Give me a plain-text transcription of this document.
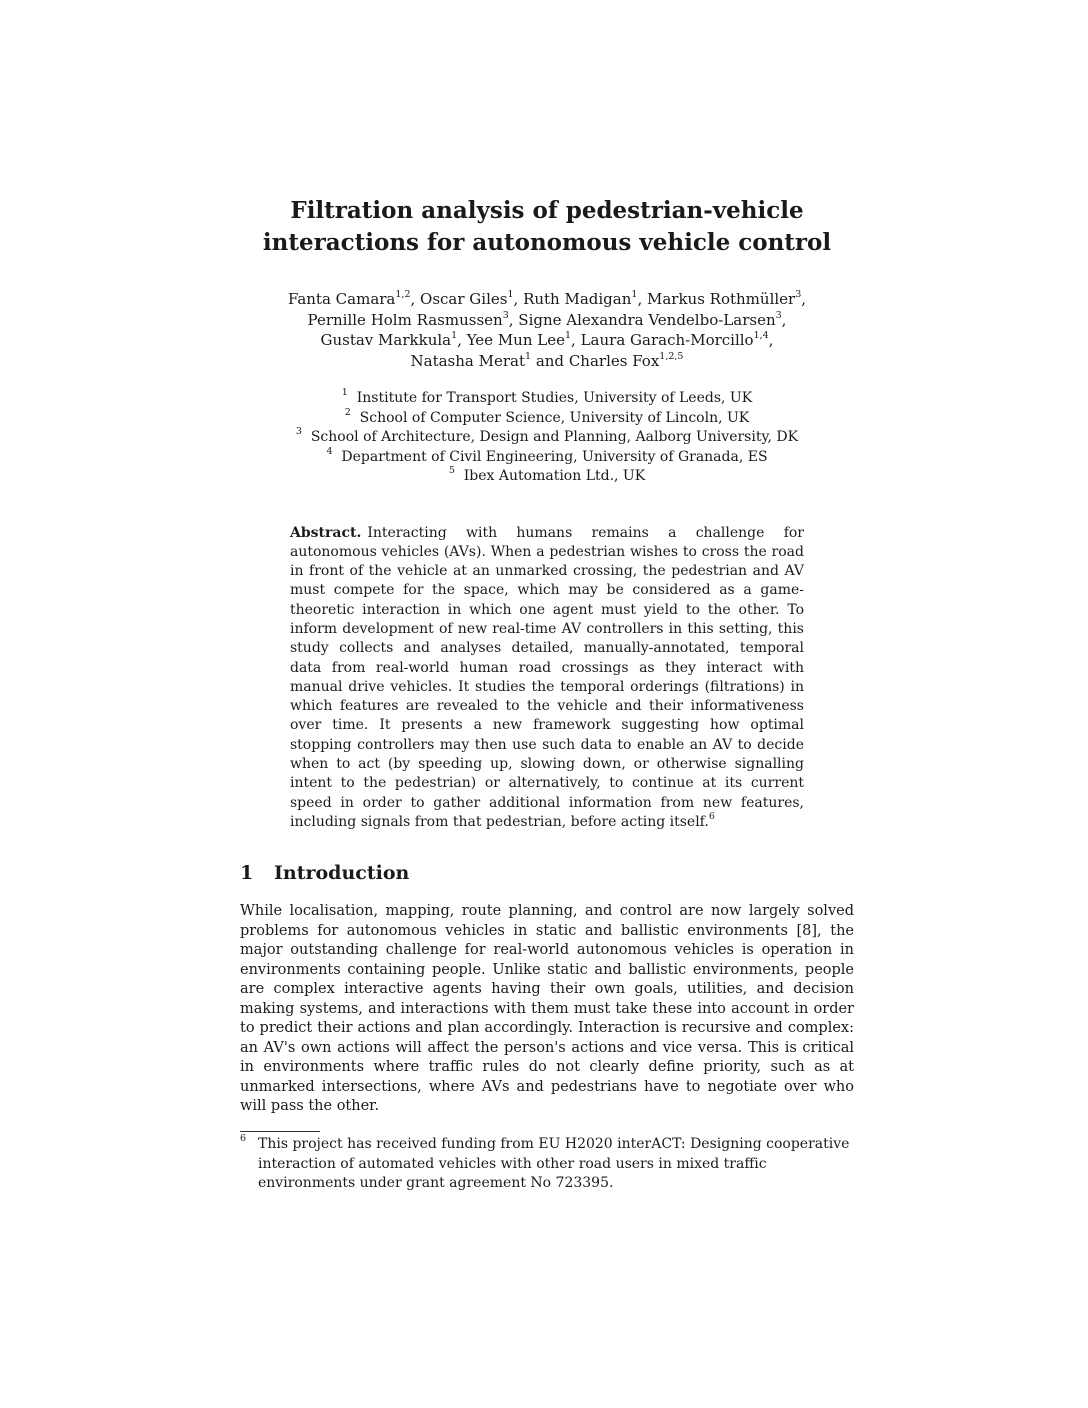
Filtration analysis of pedestrian-vehicle
interactions for autonomous vehicle control
Fanta Camara$^{1,2}$, Oscar Giles$^1$, Ruth Madigan$^1$, Markus Rothmüller$^3$,
Pernille Holm Rasmussen$^3$, Signe Alexandra Vendelbo-Larsen$^3$,
Gustav Markkula$^1$, Yee Mun Lee$^1$, Laura Garach-Morcillo$^{1,4}$,
Natasha Merat$^1$ and Charles Fox$^{1,2,5}$
$^1$ Institute for Transport Studies, University of Leeds, UK
$^2$ School of Computer Science, University of Lincoln, UK
$^3$ School of Architecture, Design and Planning, Aalborg University, DK
$^4$ Department of Civil Engineering, University of Granada, ES
$^5$ Ibex Automation Ltd., UK
Abstract. Interacting with humans remains a challenge for autonomous vehicles (AVs). When a pedestrian wishes to cross the road in front of the vehicle at an unmarked crossing, the pedestrian and AV must compete for the space, which may be considered as a game-theoretic interaction in which one agent must yield to the other. To inform development of new real-time AV controllers in this setting, this study collects and analyses detailed, manually-annotated, temporal data from real-world human road crossings as they interact with manual drive vehicles. It studies the temporal orderings (filtrations) in which features are revealed to the vehicle and their informativeness over time. It presents a new framework suggesting how optimal stopping controllers may then use such data to enable an AV to decide when to act (by speeding up, slowing down, or otherwise signalling intent to the pedestrian) or alternatively, to continue at its current speed in order to gather additional information from new features, including signals from that pedestrian, before acting itself.$^6$
1	Introduction

While localisation, mapping, route planning, and control are now largely solved problems for autonomous vehicles in static and ballistic environments [8], the major outstanding challenge for real-world autonomous vehicles is operation in environments containing people. Unlike static and ballistic environments, people are complex interactive agents having their own goals, utilities, and decision making systems, and interactions with them must take these into account in order to predict their actions and plan accordingly. Interaction is recursive and complex: an AV's own actions will affect the person's actions and vice versa. This is critical in environments where traffic rules do not clearly define priority, such as at unmarked intersections, where AVs and pedestrians have to negotiate over who will pass the other.

$^6$ This project has received funding from EU H2020 interACT: Designing cooperative interaction of automated vehicles with other road users in mixed traffic environments under grant agreement No 723395.
